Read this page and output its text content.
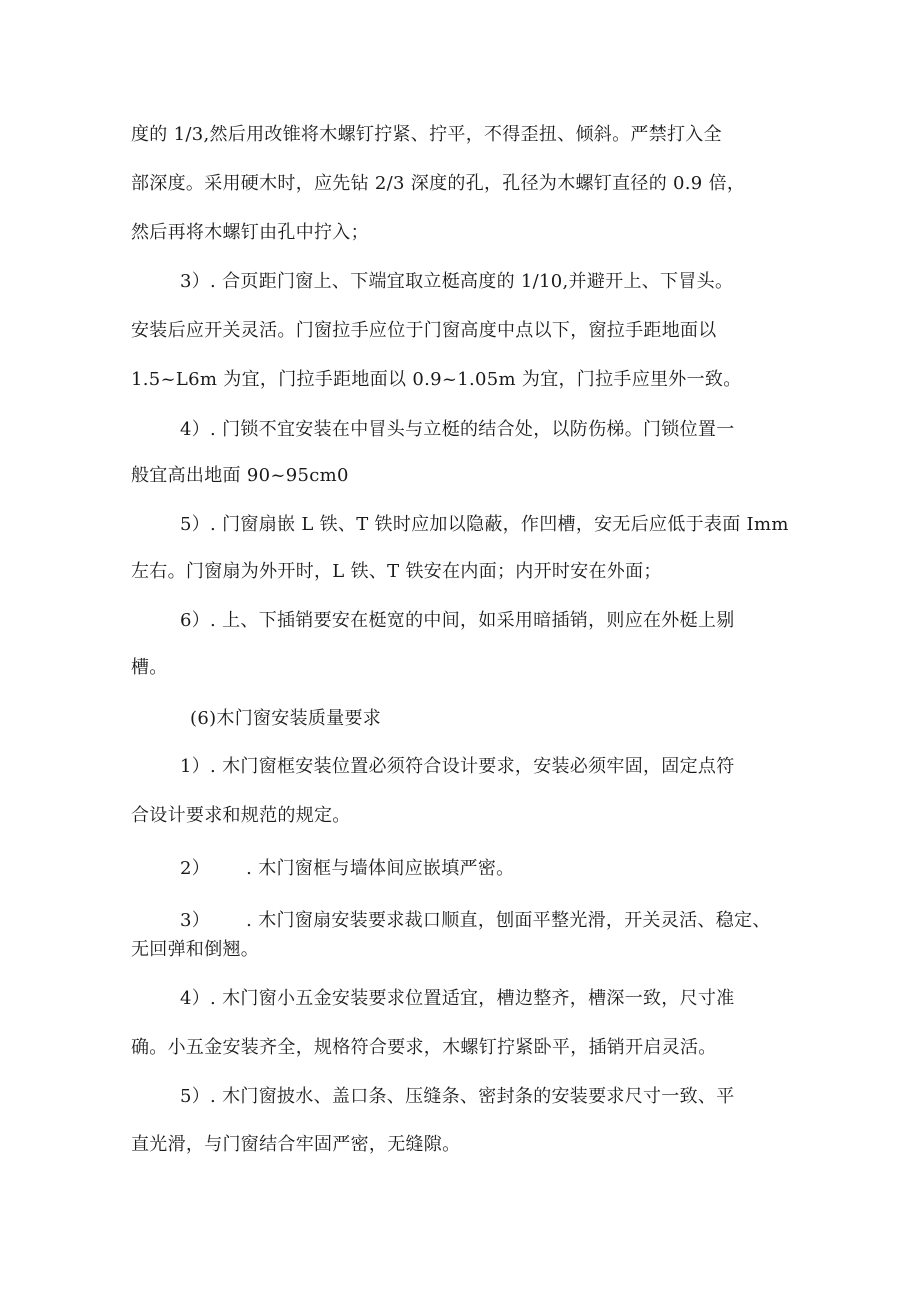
度的 1/3,然后用改锥将木螺钉拧紧、拧平，不得歪扭、倾斜。严禁打入全

部深度。采用硬木时，应先钻 2/3 深度的孔，孔径为木螺钉直径的 0.9 倍，

然后再将木螺钉由孔中拧入；

3）. 合页距门窗上、下端宜取立梃高度的 1/10,并避开上、下冒头。

安装后应开关灵活。门窗拉手应位于门窗高度中点以下，窗拉手距地面以

1.5~L6m 为宜，门拉手距地面以 0.9~1.05m 为宜，门拉手应里外一致。

4）. 门锁不宜安装在中冒头与立梃的结合处，以防伤梯。门锁位置一

般宜高出地面 90~95cm0

5）. 门窗扇嵌 L 铁、T 铁时应加以隐蔽，作凹槽，安无后应低于表面 Imm

左右。门窗扇为外开时，L 铁、T 铁安在内面；内开时安在外面；

6）. 上、下插销要安在梃宽的中间，如采用暗插销，则应在外梃上剔

槽。

(6)木门窗安装质量要求

1）. 木门窗框安装位置必须符合设计要求，安装必须牢固，固定点符

合设计要求和规范的规定。

2）      . 木门窗框与墙体间应嵌填严密。

3）      . 木门窗扇安装要求裁口顺直，刨面平整光滑，开关灵活、稳定、

无回弹和倒翘。

4）. 木门窗小五金安装要求位置适宜，槽边整齐，槽深一致，尺寸准

确。小五金安装齐全，规格符合要求，木螺钉拧紧卧平，插销开启灵活。

5）. 木门窗披水、盖口条、压缝条、密封条的安装要求尺寸一致、平

直光滑，与门窗结合牢固严密，无缝隙。
